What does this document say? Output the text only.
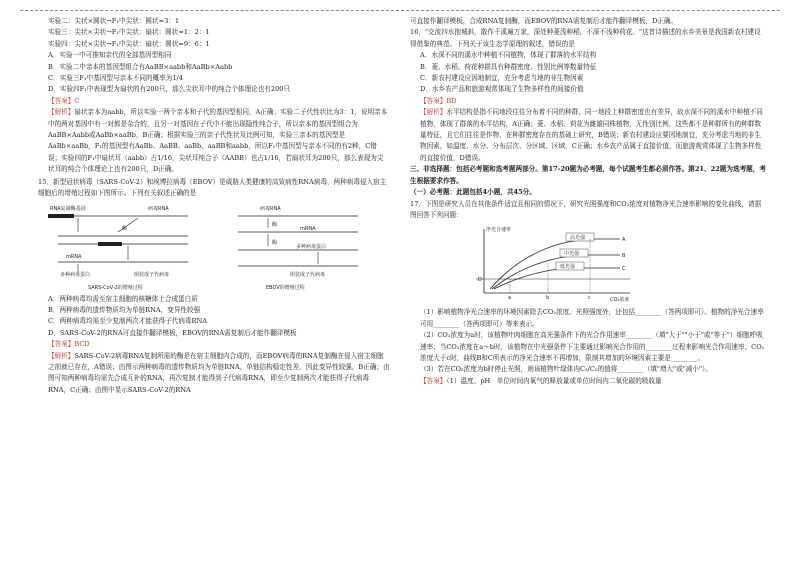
实验二：尖状×圆状→F₁中尖状：圆状=3：1

实验三：尖状×尖状→F₁中尖状：扇状：圆状=1：2：1

实验四：尖状×尖状→F₁中尖状：扇状：圆状=9：6：1

A．实验一中可推知亲代的全部基因型相同

B．实验二中亲本的基因型组合有AaBB×aabb和AaBb×Aabb

C．实验三F₁中基因型与亲本不同的概率为1/4

D．实验四F₁中表现型为扇状的有200只，那么尖状耳中的纯合个体理论也有200只

【答案】C

【解析】扇状亲本为aabb，所以实验一两个亲本和子代的基因型相同，A正确；实验二子代性状比为3：1，说明亲本中的两对基因中有一对都是杂合的，且另一对基因在子代中不能出现隐性纯合子，所以亲本的基因型组合为AaBB×Aabb或AaBb×aaBb，B正确；根据实验三的亲子代性状及比例可知，实验三亲本的基因型是AaBb×aaBb，F₁的基因型有AaBb、AaBB、aaBb、aaBB和aabb，所以F₁中基因型与亲本不同的有2种，C错误；实验四的F₁中扇状耳（aabb）占1/16，尖状耳纯合子（AABB）也占1/16，若扇状耳为200只，那么表现为尖状耳的纯合个体理论上也有200只，D正确。

15．新型冠状病毒（SARS-CoV-2）和埃博拉病毒（EBOV）是威胁人类健康的高致病性RNA病毒，两种病毒侵入宿主细胞后的增殖过程如下图所示。下列有关叙述正确的是

RNA复制酶基因	病毒RNA
酶
mRNA
多种病毒蛋白	组装成子代病毒
SARS-CoV-2的增殖过程
病毒RNA
酶
mRNA
酶
多种病毒蛋白
组装成子代病毒
EBOV的增殖过程

A．两种病毒均需至宿主细胞的核糖体上合成蛋白质

B．两种病毒的遗传物质均为单链RNA，变异性较强

C．两种病毒均需至少复制两次才能获得子代病毒RNA

D．SARS-CoV-2的RNA可直接作翻译模板，EBOV的RNA需复制后才能作翻译模板

【答案】BCD

【解析】SARS-CoV-2病毒RNA复制所需的酶是在宿主细胞内合成的，而EBOV病毒的RNA复制酶在侵入宿主细胞之前就已存在，A错误；由图示两种病毒的遗传物质均为单链RNA，单链结构稳定性差，因此变异性较强，B正确；由图可知两种病毒均需先合成互补的RNA，再次复制才能得到子代病毒RNA，即至少复制两次才能获得子代病毒RNA，C正确；由图中显示SARS-CoV-2的RNA

可直接作翻译模板，合成RNA复制酶，而EBOV的RNA需复制后才能作翻译模板，D正确。

16．"交流四水抱城斜，散作千溪遍万家，深处种菱浅种稻，不深不浅种荷花。"这首诗描述的水乡美景是我国新农村建设得借鉴的典范。下列关于该生态学原理的叙述，错误的是

A．水深不同的溪水中种植不同植物，体现了群落的水平结构

B．菱、水稻、荷花种群具有种群密度、性别比例等数量特征

C．新农村建设应因地制宜，充分考虑当地的非生物因素

D．水乡农产品和旅游观赏体现了生物多样性的间接价值

【答案】BD

【解析】水平结构是指不同地段往往分布着不同的种群，同一地段上种群密度也有差异，故水深不同的溪水中种植不同植物，体现了群落的水平结构，A正确；菱、水稻、荷花为雌雄同株植物，无性别比例，这些都不是种群所有的种群数量特征，且它们往往是作物，在种群密度存在的基础上研究，B错误；新农村建设应要因地制宜，充分考虑当地的非生物因素，如温度、水分、分布层次、分区域、区域，C正确；水乡农产品属于直接价值，而旅游观赏体现了生物多样性的直接价值，D错误。

三、非选择题：包括必考题和选考题两部分。第17-20题为必考题，每个试题考生都必须作答。第21、22题为选考题，考生根据要求作答。

（一）必考题：此题包括4小题，共45分。

17．下图是研究人员在其他条件适宜且相同的情况下，研究光照强度和CO₂浓度对植物净光合速率影响的变化曲线，请据图回答下列问题：

净光合速率
CO₂浓度
高光强
中光强
低光强
A
B
C
D
a	b	c

（1）影响植物净光合速率的环境因素除去CO₂浓度、光照强度外，还包括________（答两项即可）。植物的净光合速率可用________（答两项即可）等来表示。

（2）CO₂浓度为a时，该植物叶肉细胞在高光强条件下的光合作用速率________（填"大于""小于"或"等于"）细胞呼吸速率；当CO₂浓度在a～b时，该植物在中光强条件下主要通过影响光合作用的________过程来影响光合作用速率；CO₂浓度大于c时，曲线B和C所表示的净光合速率不再增加，限制其增加的环境因素主要是________。

（3）若在CO₂浓度为b时停止光照，则该植物叶绿体内C₃/C₅的值将________（填"增大"或"减小"）。

【答案】（1）温度、pH　单位时间内氧气的释放量或单位时间内二氧化碳的吸收量
